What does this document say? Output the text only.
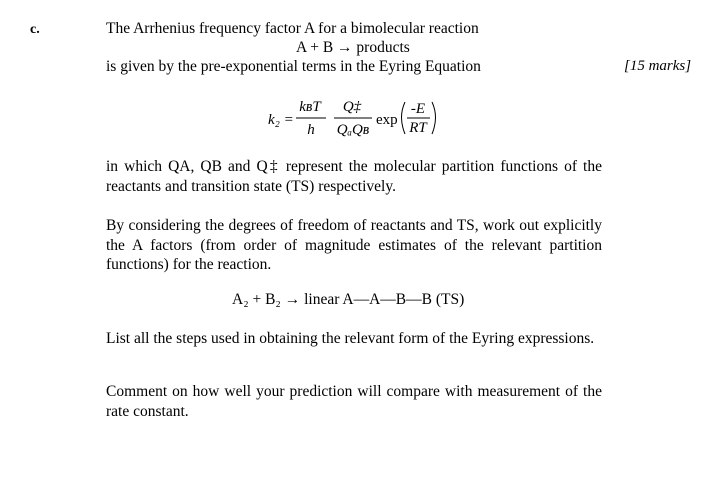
c.
[15 marks]
The Arrhenius frequency factor A for a bimolecular reaction
A + B → products
is given by the pre-exponential terms in the Eyring Equation
k₂ =
kʙT
h
Q‡
QₐQʙ
exp
-E
RT
in which QA, QB and Q‡ represent the molecular partition functions of the reactants and transition state (TS) respectively.
By considering the degrees of freedom of reactants and TS, work out explicitly the A factors (from order of magnitude estimates of the relevant partition functions) for the reaction.
A₂ + B₂ → linear A—A—B—B (TS)
List all the steps used in obtaining the relevant form of the Eyring expressions.
Comment on how well your prediction will compare with measurement of the rate constant.
